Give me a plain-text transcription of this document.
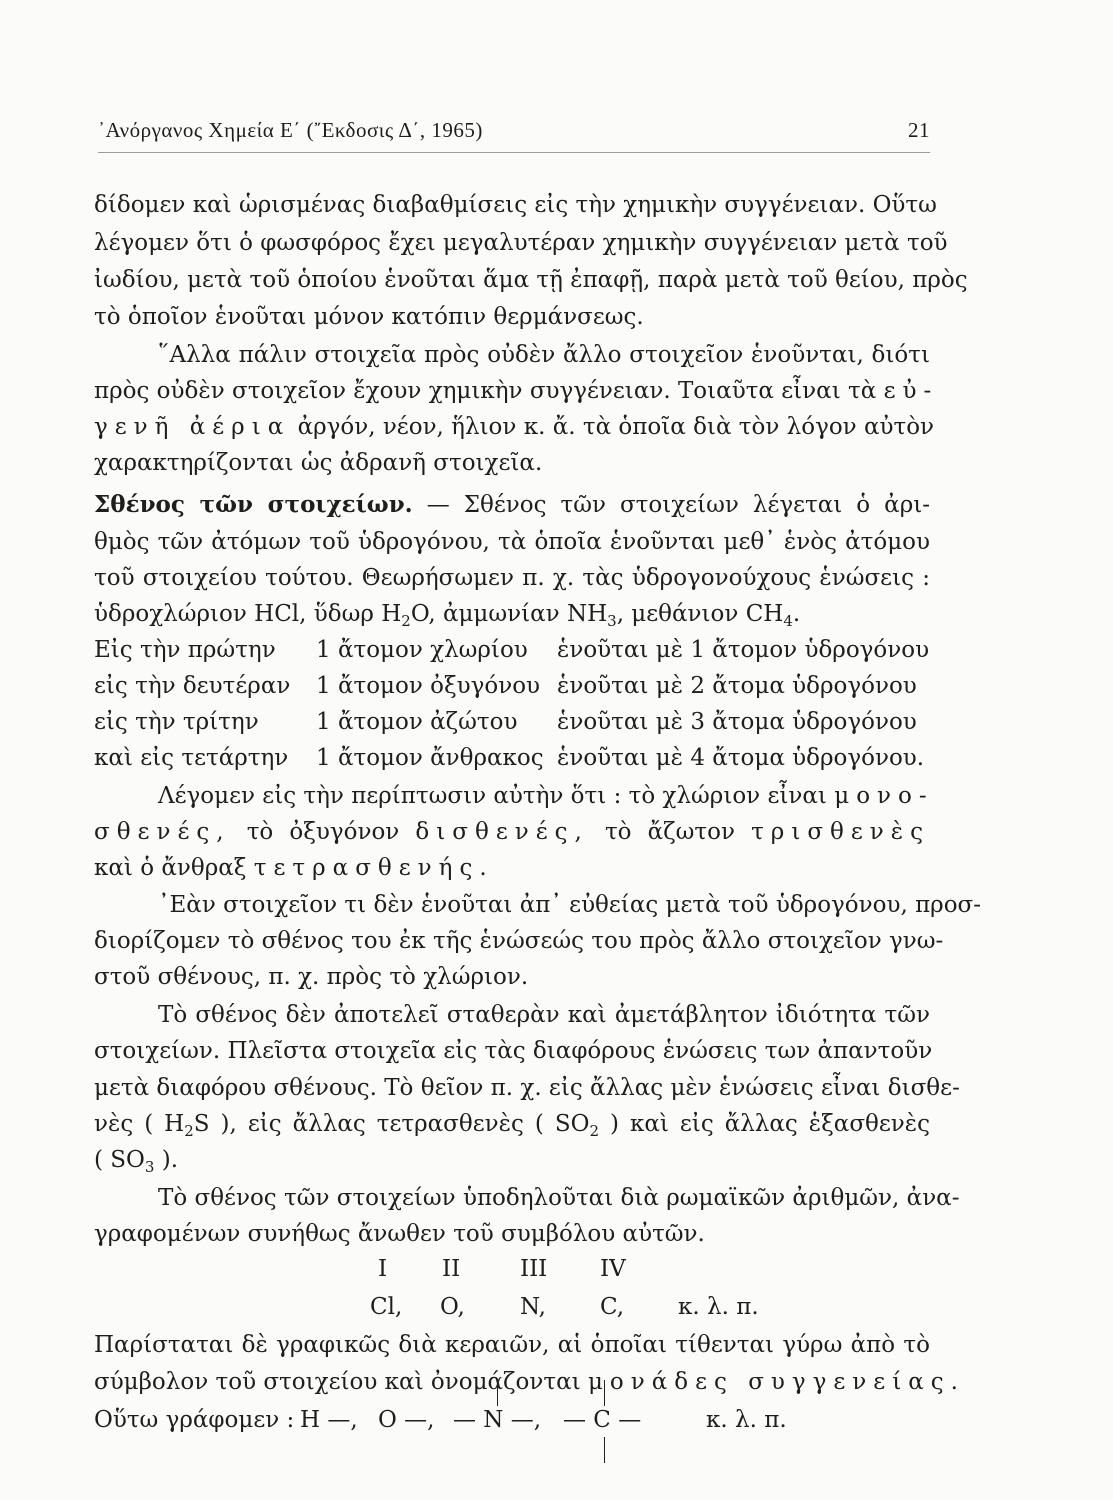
᾿Ανόργανος Χημεία Ε΄ (῎Εκδοσις Δ΄, 1965)	21
δίδομεν καὶ ὡρισμένας διαβαθμίσεις εἰς τὴν χημικὴν συγγένειαν. Οὕτω
λέγομεν ὅτι ὁ φωσφόρος ἔχει μεγαλυτέραν χημικὴν συγγένειαν μετὰ τοῦ
ἰωδίου, μετὰ τοῦ ὁποίου ἑνοῦται ἅμα τῇ ἐπαφῇ, παρὰ μετὰ τοῦ θείου, πρὸς
τὸ ὁποῖον ἑνοῦται μόνον κατόπιν θερμάνσεως.
῞Αλλα πάλιν στοιχεῖα πρὸς οὐδὲν ἄλλο στοιχεῖον ἑνοῦνται, διότι
πρὸς οὐδὲν στοιχεῖον ἔχουν χημικὴν συγγένειαν. Τοιαῦτα εἶναι τὰ εὐ-
γενῆ ἀέρια ἀργόν, νέον, ἥλιον κ. ἄ. τὰ ὁποῖα διὰ τὸν λόγον αὐτὸν
χαρακτηρίζονται ὡς ἀδρανῆ στοιχεῖα.
Σθένος τῶν στοιχείων. — Σθένος τῶν στοιχείων λέγεται ὁ ἀρι-
θμὸς τῶν ἀτόμων τοῦ ὑδρογόνου, τὰ ὁποῖα ἑνοῦνται μεθ᾿ ἑνὸς ἀτόμου
τοῦ στοιχείου τούτου. Θεωρήσωμεν π. χ. τὰς ὑδρογονούχους ἑνώσεις :
ὑδροχλώριον HCl, ὕδωρ $H_2O$, ἀμμωνίαν $NH_3$, μεθάνιον $CH_4$.
Εἰς τὴν πρώτην 1 ἄτομον χλωρίου ἑνοῦται μὲ 1 ἄτομον ὑδρογόνου
εἰς τὴν δευτέραν 1 ἄτομον ὀξυγόνου ἑνοῦται μὲ 2 ἄτομα ὑδρογόνου
εἰς τὴν τρίτην 1 ἄτομον ἀζώτου ἑνοῦται μὲ 3 ἄτομα ὑδρογόνου
καὶ εἰς τετάρτην 1 ἄτομον ἄνθρακος ἑνοῦται μὲ 4 ἄτομα ὑδρογόνου.
Λέγομεν εἰς τὴν περίπτωσιν αὐτὴν ὅτι : τὸ χλώριον εἶναι μονο-
σθενές, τὸ ὀξυγόνον δισθενές, τὸ ἄζωτον τρισθενὲς
καὶ ὁ ἄνθραξ τετρασθενής.
᾿Εὰν στοιχεῖον τι δὲν ἑνοῦται ἀπ᾿ εὐθείας μετὰ τοῦ ὑδρογόνου, προσ-
διορίζομεν τὸ σθένος του ἐκ τῆς ἑνώσεώς του πρὸς ἄλλο στοιχεῖον γνω-
στοῦ σθένους, π. χ. πρὸς τὸ χλώριον.
Τὸ σθένος δὲν ἀποτελεῖ σταθερὰν καὶ ἀμετάβλητον ἰδιότητα τῶν
στοιχείων. Πλεῖστα στοιχεῖα εἰς τὰς διαφόρους ἑνώσεις των ἀπαντοῦν
μετὰ διαφόρου σθένους. Τὸ θεῖον π. χ. εἰς ἄλλας μὲν ἑνώσεις εἶναι δισθε-
νὲς ( $H_2S$ ), εἰς ἄλλας τετρασθενὲς ( $SO_2$ ) καὶ εἰς ἄλλας ἑξασθενὲς
( $SO_3$ ).
Τὸ σθένος τῶν στοιχείων ὑποδηλοῦται διὰ ρωμαϊκῶν ἀριθμῶν, ἀνα-
γραφομένων συνήθως ἄνωθεν τοῦ συμβόλου αὐτῶν.
I II	III IV
Cl, O, N, C, κ. λ. π.
Παρίσταται δὲ γραφικῶς διὰ κεραιῶν, αἱ ὁποῖαι τίθενται γύρω ἀπὸ τὸ
σύμβολον τοῦ στοιχείου καὶ ὀνομάζονται μονάδες συγγενείας.
Οὕτω γράφομεν : H —, O —, — N —, — C —	κ. λ. π.
